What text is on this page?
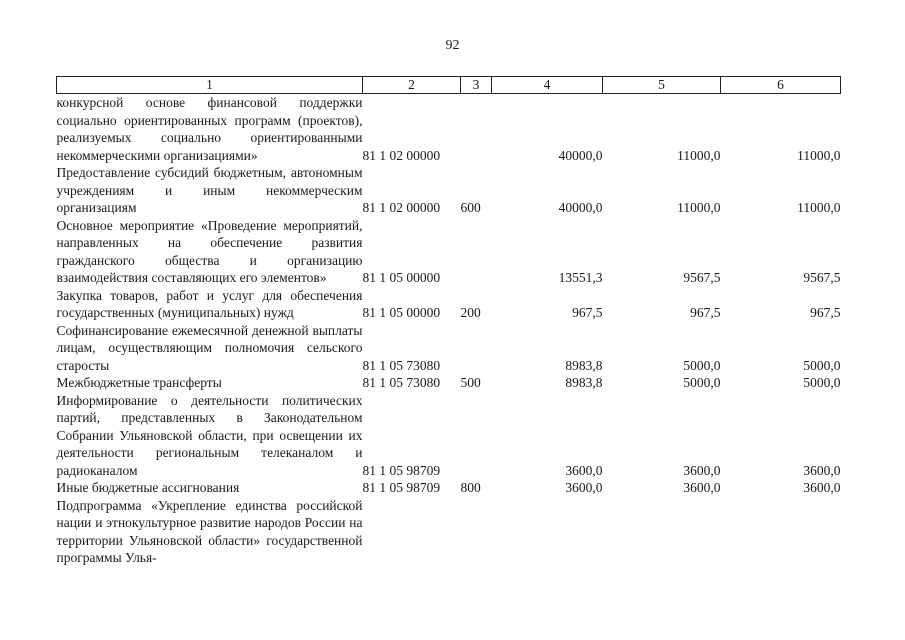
92
1	2	3	4	5	6
конкурсной основе финансовой поддержки социально ориентированных программ (проектов), реализуемых социально ориентированными некоммерческими организациями»	81 1 02 00000		40000,0	11000,0	11000,0
Предоставление субсидий бюджетным, автономным учреждениям и иным некоммерческим организациям	81 1 02 00000	600	40000,0	11000,0	11000,0
Основное мероприятие «Проведение мероприятий, направленных на обеспечение развития гражданского общества и организацию взаимодействия составляющих его элементов»	81 1 05 00000		13551,3	9567,5	9567,5
Закупка товаров, работ и услуг для обеспечения государственных (муниципальных) нужд	81 1 05 00000	200	967,5	967,5	967,5
Софинансирование ежемесячной денежной выплаты лицам, осуществляющим полномочия сельского старосты	81 1 05 73080		8983,8	5000,0	5000,0
Межбюджетные трансферты	81 1 05 73080	500	8983,8	5000,0	5000,0
Информирование о деятельности политических партий, представленных в Законодательном Собрании Ульяновской области, при освещении их деятельности региональным телеканалом и радиоканалом	81 1 05 98709		3600,0	3600,0	3600,0
Иные бюджетные ассигнования	81 1 05 98709	800	3600,0	3600,0	3600,0
Подпрограмма «Укрепление единства российской нации и этнокультурное развитие народов России на территории Ульяновской области» государственной программы Улья-					
